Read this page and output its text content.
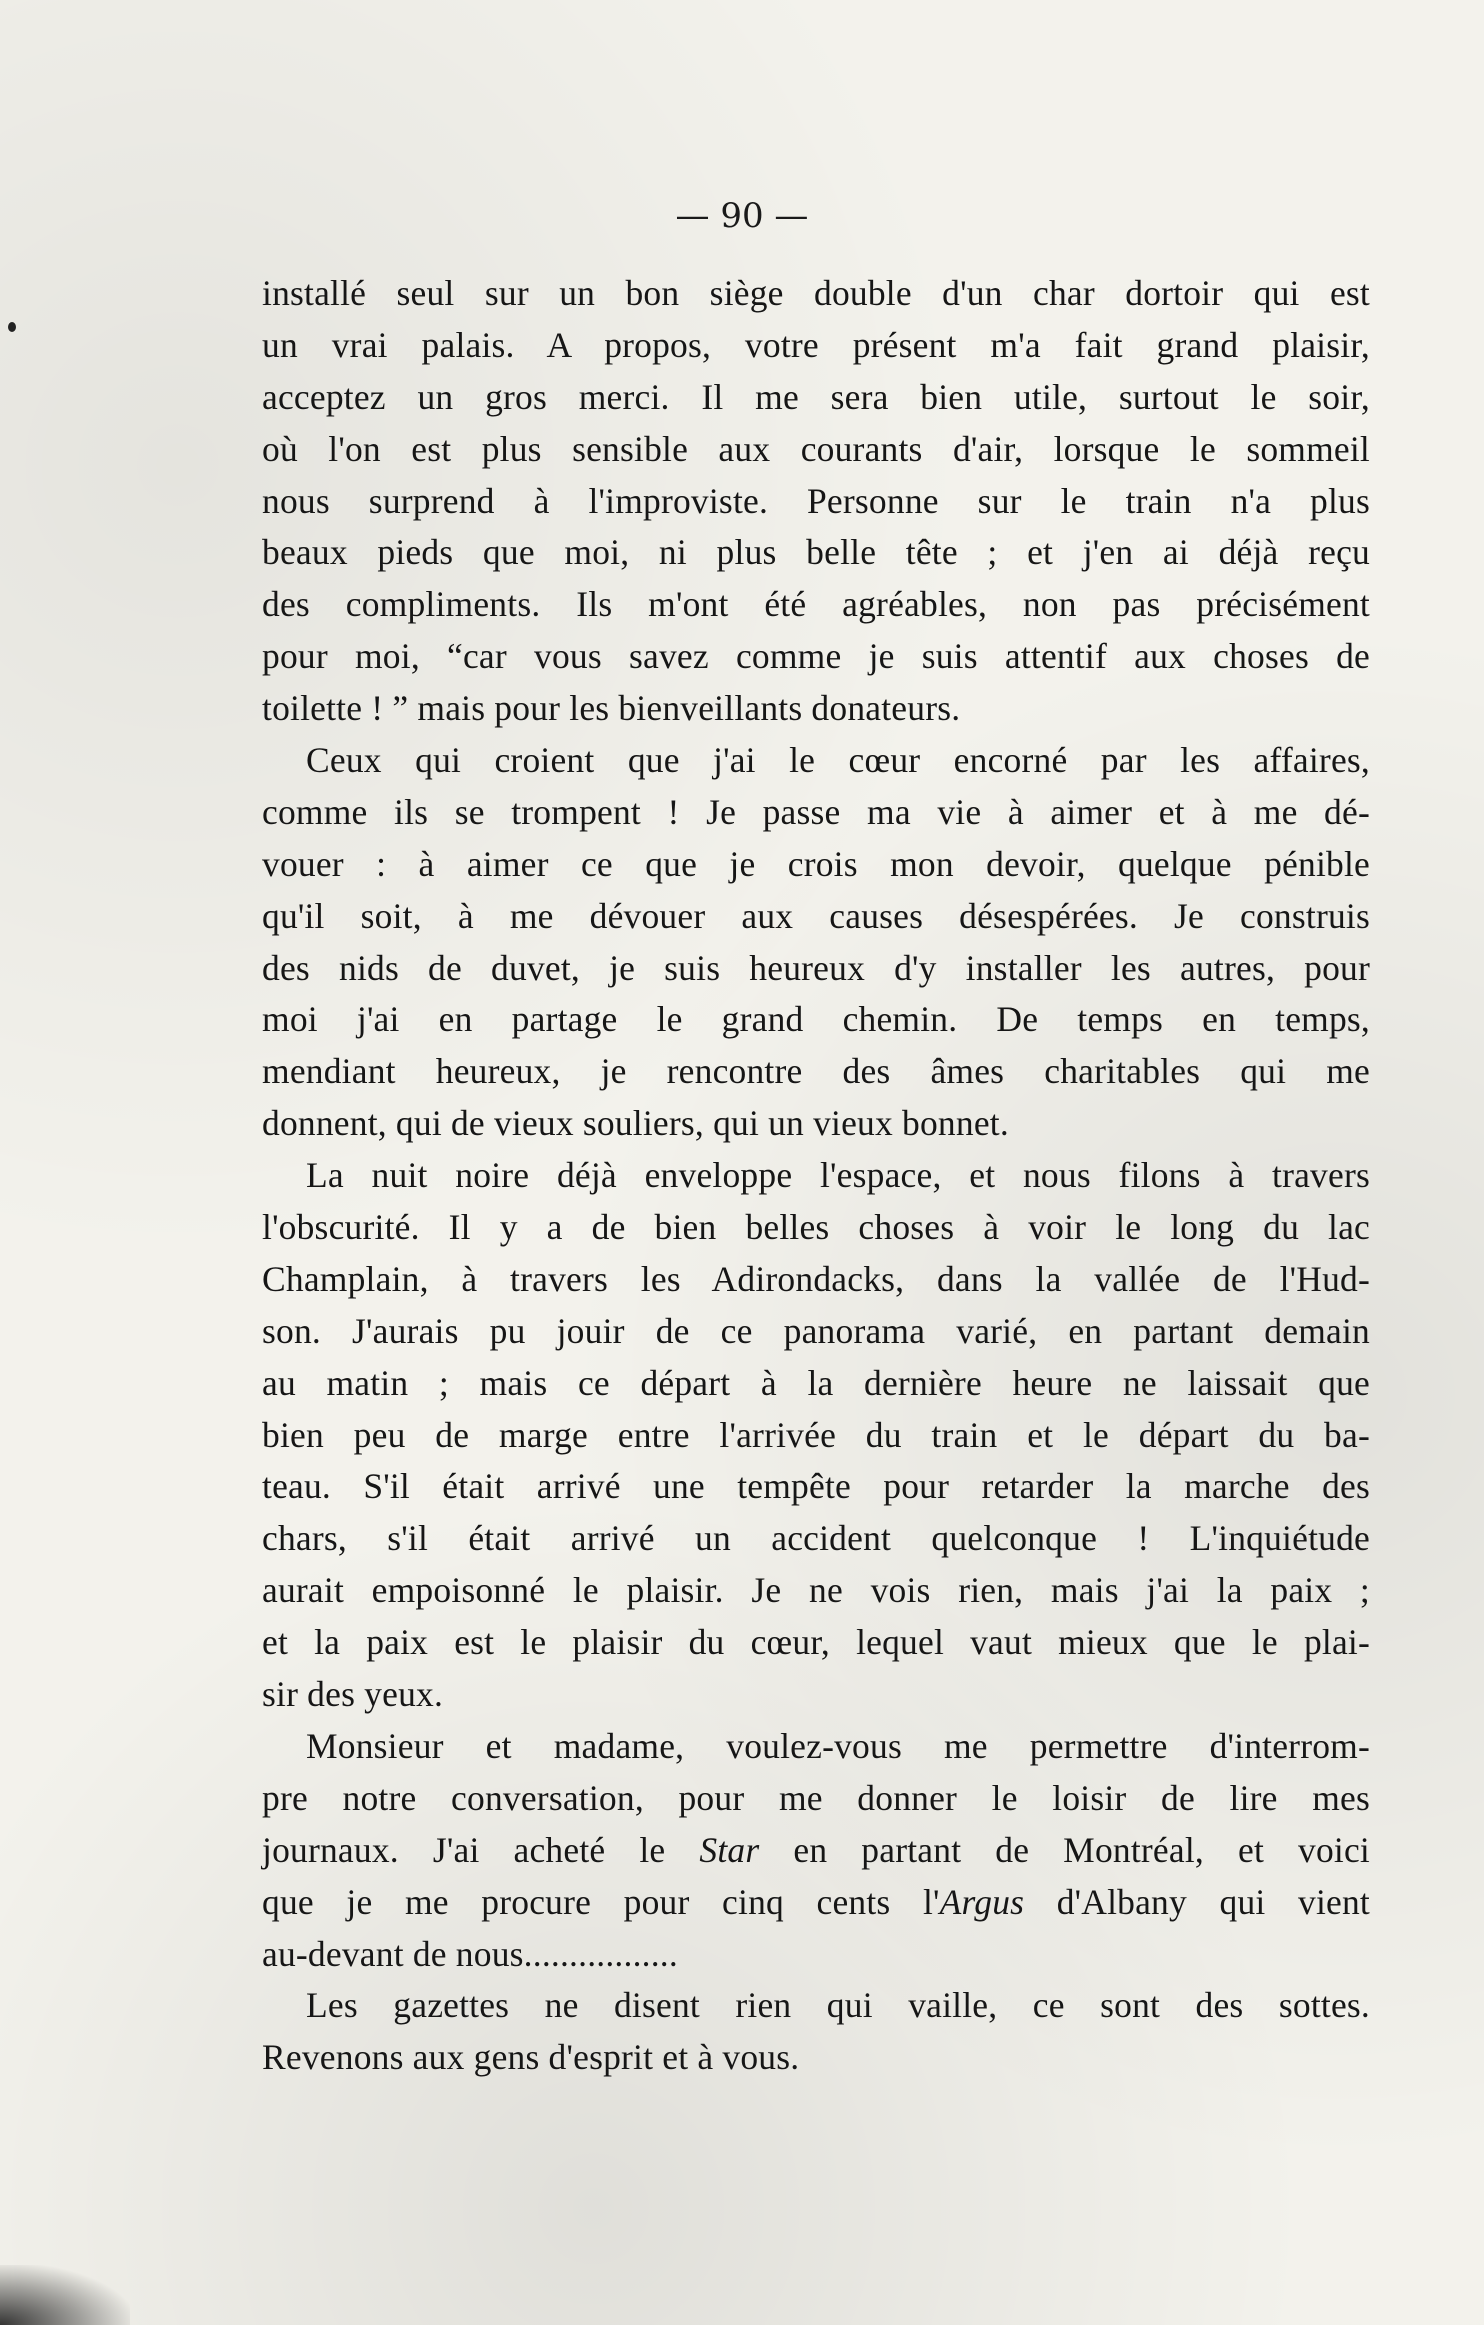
— 90 —
installé seul sur un bon siège double d'un char dortoir qui est
un vrai palais. A propos, votre présent m'a fait grand plaisir,
acceptez un gros merci. Il me sera bien utile, surtout le soir,
où l'on est plus sensible aux courants d'air, lorsque le sommeil
nous surprend à l'improviste. Personne sur le train n'a plus
beaux pieds que moi, ni plus belle tête ; et j'en ai déjà reçu
des compliments. Ils m'ont été agréables, non pas précisément
pour moi, “car vous savez comme je suis attentif aux choses de
toilette ! ” mais pour les bienveillants donateurs.
Ceux qui croient que j'ai le cœur encorné par les affaires,
comme ils se trompent ! Je passe ma vie à aimer et à me dé-
vouer : à aimer ce que je crois mon devoir, quelque pénible
qu'il soit, à me dévouer aux causes désespérées. Je construis
des nids de duvet, je suis heureux d'y installer les autres, pour
moi j'ai en partage le grand chemin. De temps en temps,
mendiant heureux, je rencontre des âmes charitables qui me
donnent, qui de vieux souliers, qui un vieux bonnet.
La nuit noire déjà enveloppe l'espace, et nous filons à travers
l'obscurité. Il y a de bien belles choses à voir le long du lac
Champlain, à travers les Adirondacks, dans la vallée de l'Hud-
son. J'aurais pu jouir de ce panorama varié, en partant demain
au matin ; mais ce départ à la dernière heure ne laissait que
bien peu de marge entre l'arrivée du train et le départ du ba-
teau. S'il était arrivé une tempête pour retarder la marche des
chars, s'il était arrivé un accident quelconque ! L'inquiétude
aurait empoisonné le plaisir. Je ne vois rien, mais j'ai la paix ;
et la paix est le plaisir du cœur, lequel vaut mieux que le plai-
sir des yeux.
Monsieur et madame, voulez-vous me permettre d'interrom-
pre notre conversation, pour me donner le loisir de lire mes
journaux. J'ai acheté le Star en partant de Montréal, et voici
que je me procure pour cinq cents l'Argus d'Albany qui vient
au-devant de nous.................
Les gazettes ne disent rien qui vaille, ce sont des sottes.
Revenons aux gens d'esprit et à vous.
